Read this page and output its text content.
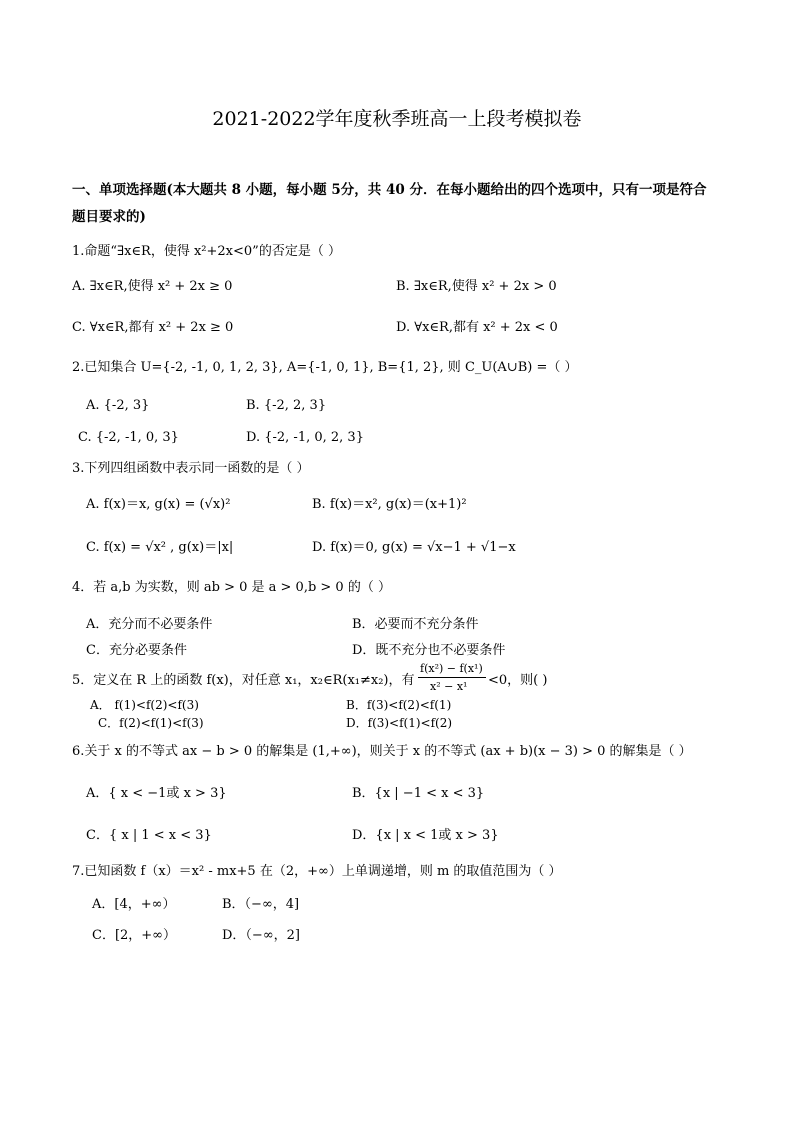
2021-2022学年度秋季班高一上段考模拟卷
一、单项选择题(本大题共 8 小题，每小题 5分，共 40 分．在每小题给出的四个选项中，只有一项是符合
题目要求的)
1.命题“∃x∈R，使得 x²+2x<0”的否定是（ ）
A. ∃x∈R,使得 x² + 2x ≥ 0	B. ∃x∈R,使得 x² + 2x > 0
C. ∀x∈R,都有 x² + 2x ≥ 0	D. ∀x∈R,都有 x² + 2x < 0
2.已知集合 U={-2, -1, 0, 1, 2, 3}, A={-1, 0, 1}, B={1, 2}, 则 C_U(A∪B) =（ ）
A. {-2, 3}	B. {-2, 2, 3}
C. {-2, -1, 0, 3}	D. {-2, -1, 0, 2, 3}
3.下列四组函数中表示同一函数的是（ ）
A. f(x)＝x, g(x) = (√x)²	B. f(x)＝x², g(x)＝(x+1)²
C. f(x) = √x² , g(x)＝|x|	D. f(x)＝0, g(x) = √x−1 + √1−x
4．若 a,b 为实数，则 ab > 0 是 a > 0,b > 0 的（ ）
A．充分而不必要条件	B．必要而不充分条件
C．充分必要条件	D．既不充分也不必要条件
5．定义在 R 上的函数 f(x)，对任意 x₁，x₂∈R(x₁≠x₂)，有
f(x²) − f(x¹)
x² − x¹ <0，则( )
A． f(1)<f(2)<f(3)	B．f(3)<f(2)<f(1)
C．f(2)<f(1)<f(3)	D．f(3)<f(1)<f(2)
6.关于 x 的不等式 ax − b > 0 的解集是 (1,+∞)，则关于 x 的不等式 (ax + b)(x − 3) > 0 的解集是（ ）
A．{ x < −1或 x > 3}	B．{x | −1 < x < 3}
C．{ x | 1 < x < 3}	D．{x | x < 1或 x > 3}
7.已知函数 f（x）＝x² - mx+5 在（2，+∞）上单调递增，则 m 的取值范围为（ ）
A．[4，+∞）	B．（−∞，4]
C．[2，+∞）	D．（−∞，2]
